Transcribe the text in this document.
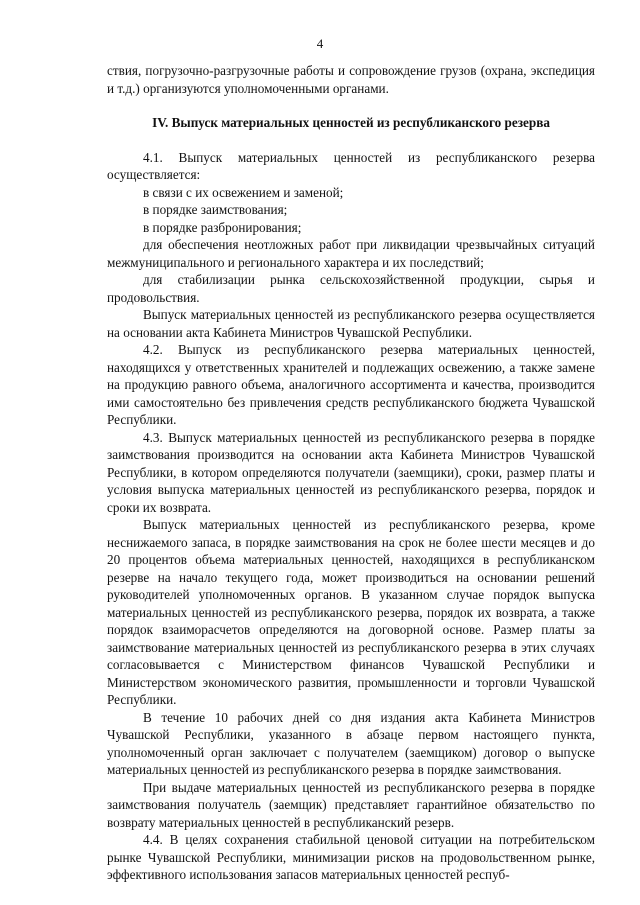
4

ствия, погрузочно-разгрузочные работы и сопровождение грузов (охрана, экспедиция и т.д.) организуются уполномоченными органами.

IV. Выпуск материальных ценностей из республиканского резерва

4.1. Выпуск материальных ценностей из республиканского резерва осуществляется:

в связи с их освежением и заменой;

в порядке заимствования;

в порядке разбронирования;

для обеспечения неотложных работ при ликвидации чрезвычайных ситуаций межмуниципального и регионального характера и их последствий;

для стабилизации рынка сельскохозяйственной продукции, сырья и продовольствия.

Выпуск материальных ценностей из республиканского резерва осуществляется на основании акта Кабинета Министров Чувашской Республики.

4.2. Выпуск из республиканского резерва материальных ценностей, находящихся у ответственных хранителей и подлежащих освежению, а также замене на продукцию равного объема, аналогичного ассортимента и качества, производится ими самостоятельно без привлечения средств республиканского бюджета Чувашской Республики.

4.3. Выпуск материальных ценностей из республиканского резерва в порядке заимствования производится на основании акта Кабинета Министров Чувашской Республики, в котором определяются получатели (заемщики), сроки, размер платы и условия выпуска материальных ценностей из республиканского резерва, порядок и сроки их возврата.

Выпуск материальных ценностей из республиканского резерва, кроме неснижаемого запаса, в порядке заимствования на срок не более шести месяцев и до 20 процентов объема материальных ценностей, находящихся в республиканском резерве на начало текущего года, может производиться на основании решений руководителей уполномоченных органов. В указанном случае порядок выпуска материальных ценностей из республиканского резерва, порядок их возврата, а также порядок взаиморасчетов определяются на договорной основе. Размер платы за заимствование материальных ценностей из республиканского резерва в этих случаях согласовывается с Министерством финансов Чувашской Республики и Министерством экономического развития, промышленности и торговли Чувашской Республики.

В течение 10 рабочих дней со дня издания акта Кабинета Министров Чувашской Республики, указанного в абзаце первом настоящего пункта, уполномоченный орган заключает с получателем (заемщиком) договор о выпуске материальных ценностей из республиканского резерва в порядке заимствования.

При выдаче материальных ценностей из республиканского резерва в порядке заимствования получатель (заемщик) представляет гарантийное обязательство по возврату материальных ценностей в республиканский резерв.

4.4. В целях сохранения стабильной ценовой ситуации на потребительском рынке Чувашской Республики, минимизации рисков на продовольственном рынке, эффективного использования запасов материальных ценностей респуб-
